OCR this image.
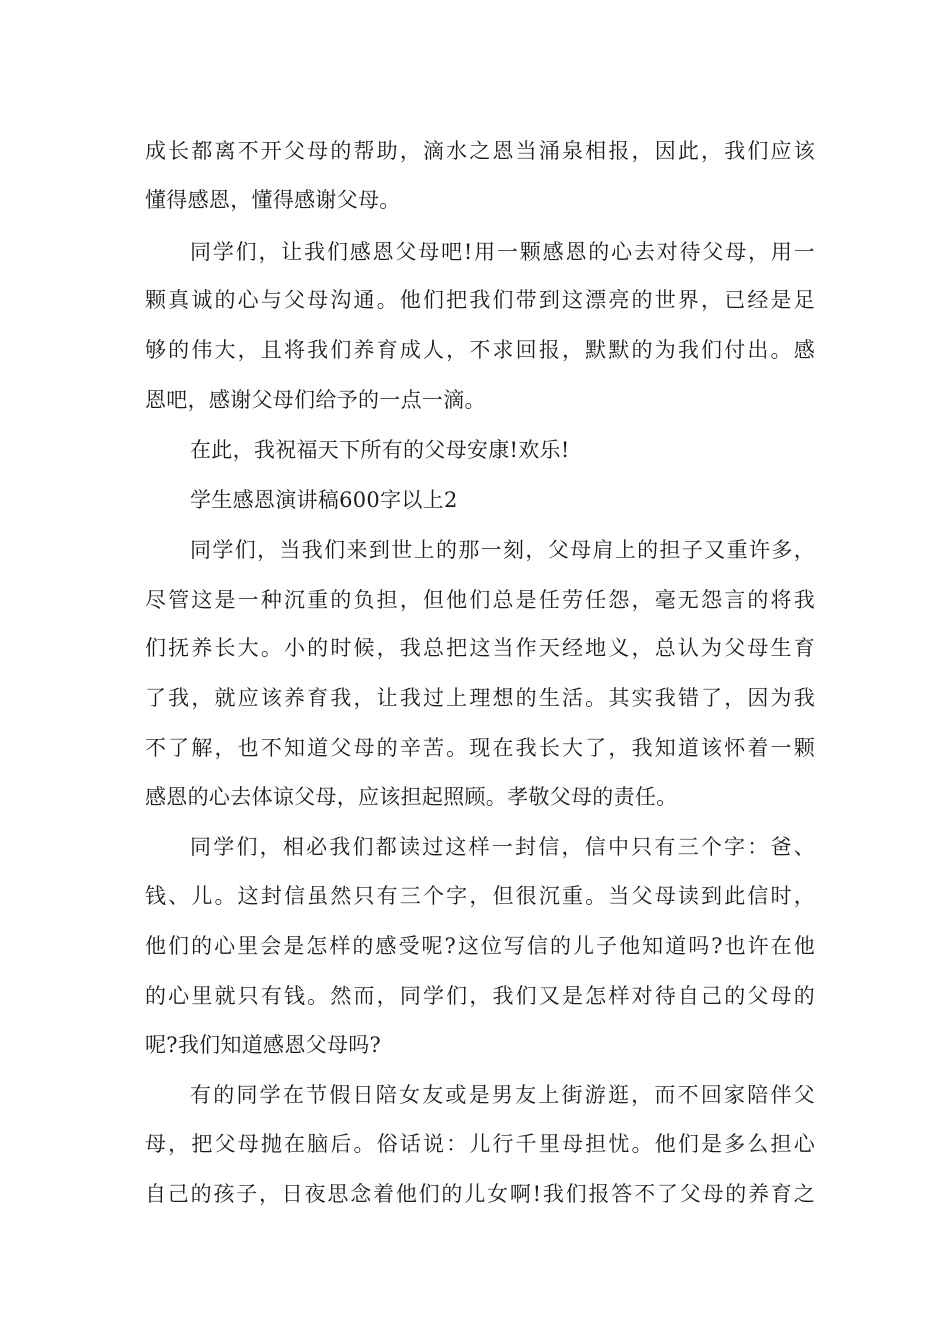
成长都离不开父母的帮助，滴水之恩当涌泉相报，因此，我们应该
懂得感恩，懂得感谢父母。
同学们，让我们感恩父母吧!用一颗感恩的心去对待父母，用一
颗真诚的心与父母沟通。他们把我们带到这漂亮的世界，已经是足
够的伟大，且将我们养育成人，不求回报，默默的为我们付出。感
恩吧，感谢父母们给予的一点一滴。
在此，我祝福天下所有的父母安康!欢乐!
学生感恩演讲稿600字以上2
同学们，当我们来到世上的那一刻，父母肩上的担子又重许多，
尽管这是一种沉重的负担，但他们总是任劳任怨，毫无怨言的将我
们抚养长大。小的时候，我总把这当作天经地义，总认为父母生育
了我，就应该养育我，让我过上理想的生活。其实我错了，因为我
不了解，也不知道父母的辛苦。现在我长大了，我知道该怀着一颗
感恩的心去体谅父母，应该担起照顾。孝敬父母的责任。
同学们，相必我们都读过这样一封信，信中只有三个字：爸、
钱、儿。这封信虽然只有三个字，但很沉重。当父母读到此信时，
他们的心里会是怎样的感受呢?这位写信的儿子他知道吗?也许在他
的心里就只有钱。然而，同学们，我们又是怎样对待自己的父母的
呢?我们知道感恩父母吗?
有的同学在节假日陪女友或是男友上街游逛，而不回家陪伴父
母，把父母抛在脑后。俗话说：儿行千里母担忧。他们是多么担心
自己的孩子，日夜思念着他们的儿女啊!我们报答不了父母的养育之
